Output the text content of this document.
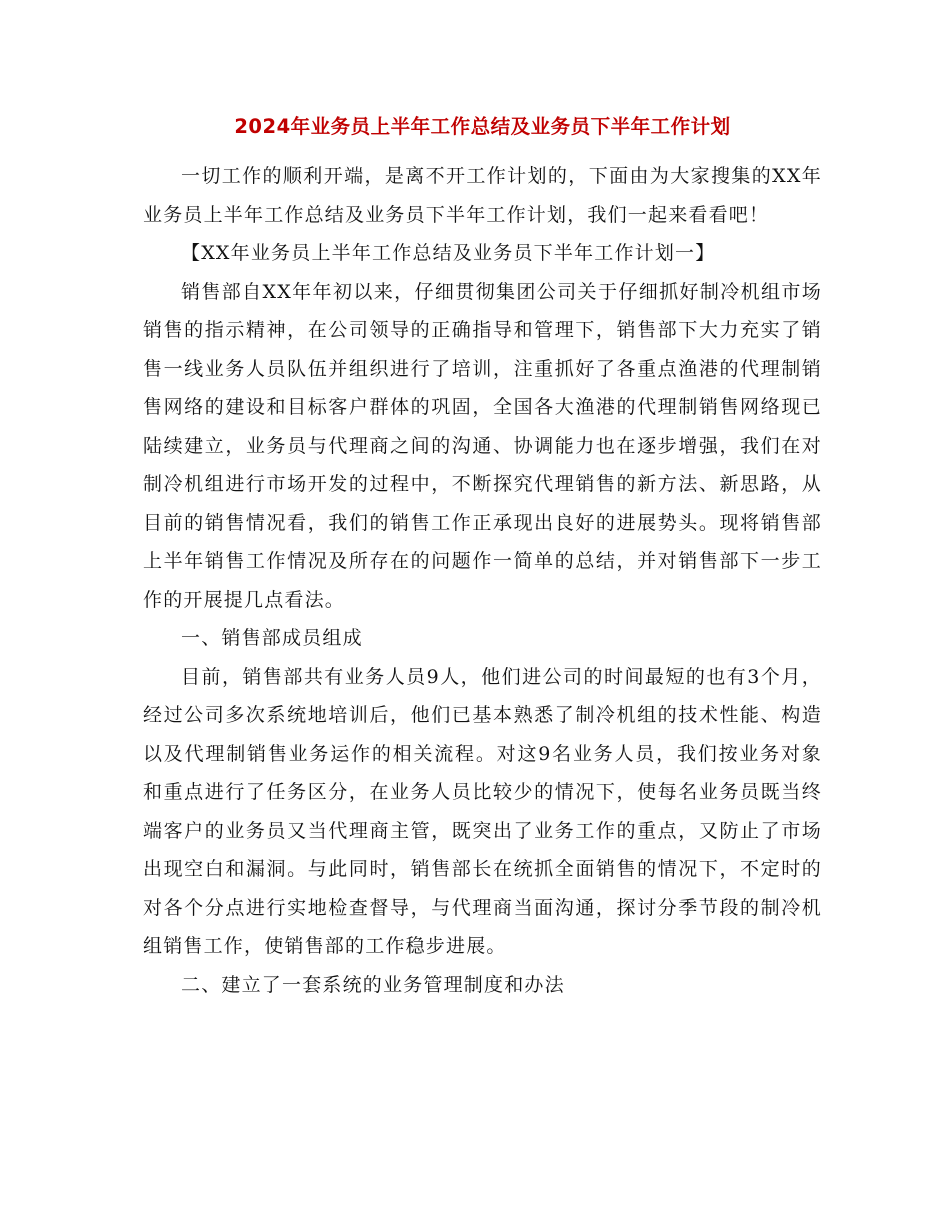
2024年业务员上半年工作总结及业务员下半年工作计划

一切工作的顺利开端，是离不开工作计划的，下面由为大家搜集的XX年业务员上半年工作总结及业务员下半年工作计划，我们一起来看看吧！

【XX年业务员上半年工作总结及业务员下半年工作计划一】

销售部自XX年年初以来，仔细贯彻集团公司关于仔细抓好制冷机组市场销售的指示精神，在公司领导的正确指导和管理下，销售部下大力充实了销售一线业务人员队伍并组织进行了培训，注重抓好了各重点渔港的代理制销售网络的建设和目标客户群体的巩固，全国各大渔港的代理制销售网络现已陆续建立，业务员与代理商之间的沟通、协调能力也在逐步增强，我们在对制冷机组进行市场开发的过程中，不断探究代理销售的新方法、新思路，从目前的销售情况看，我们的销售工作正承现出良好的进展势头。现将销售部上半年销售工作情况及所存在的问题作一简单的总结，并对销售部下一步工作的开展提几点看法。

一、销售部成员组成

目前，销售部共有业务人员9人，他们进公司的时间最短的也有3个月，经过公司多次系统地培训后，他们已基本熟悉了制冷机组的技术性能、构造以及代理制销售业务运作的相关流程。对这9名业务人员，我们按业务对象和重点进行了任务区分，在业务人员比较少的情况下，使每名业务员既当终端客户的业务员又当代理商主管，既突出了业务工作的重点，又防止了市场出现空白和漏洞。与此同时，销售部长在统抓全面销售的情况下，不定时的对各个分点进行实地检查督导，与代理商当面沟通，探讨分季节段的制冷机组销售工作，使销售部的工作稳步进展。

二、建立了一套系统的业务管理制度和办法
